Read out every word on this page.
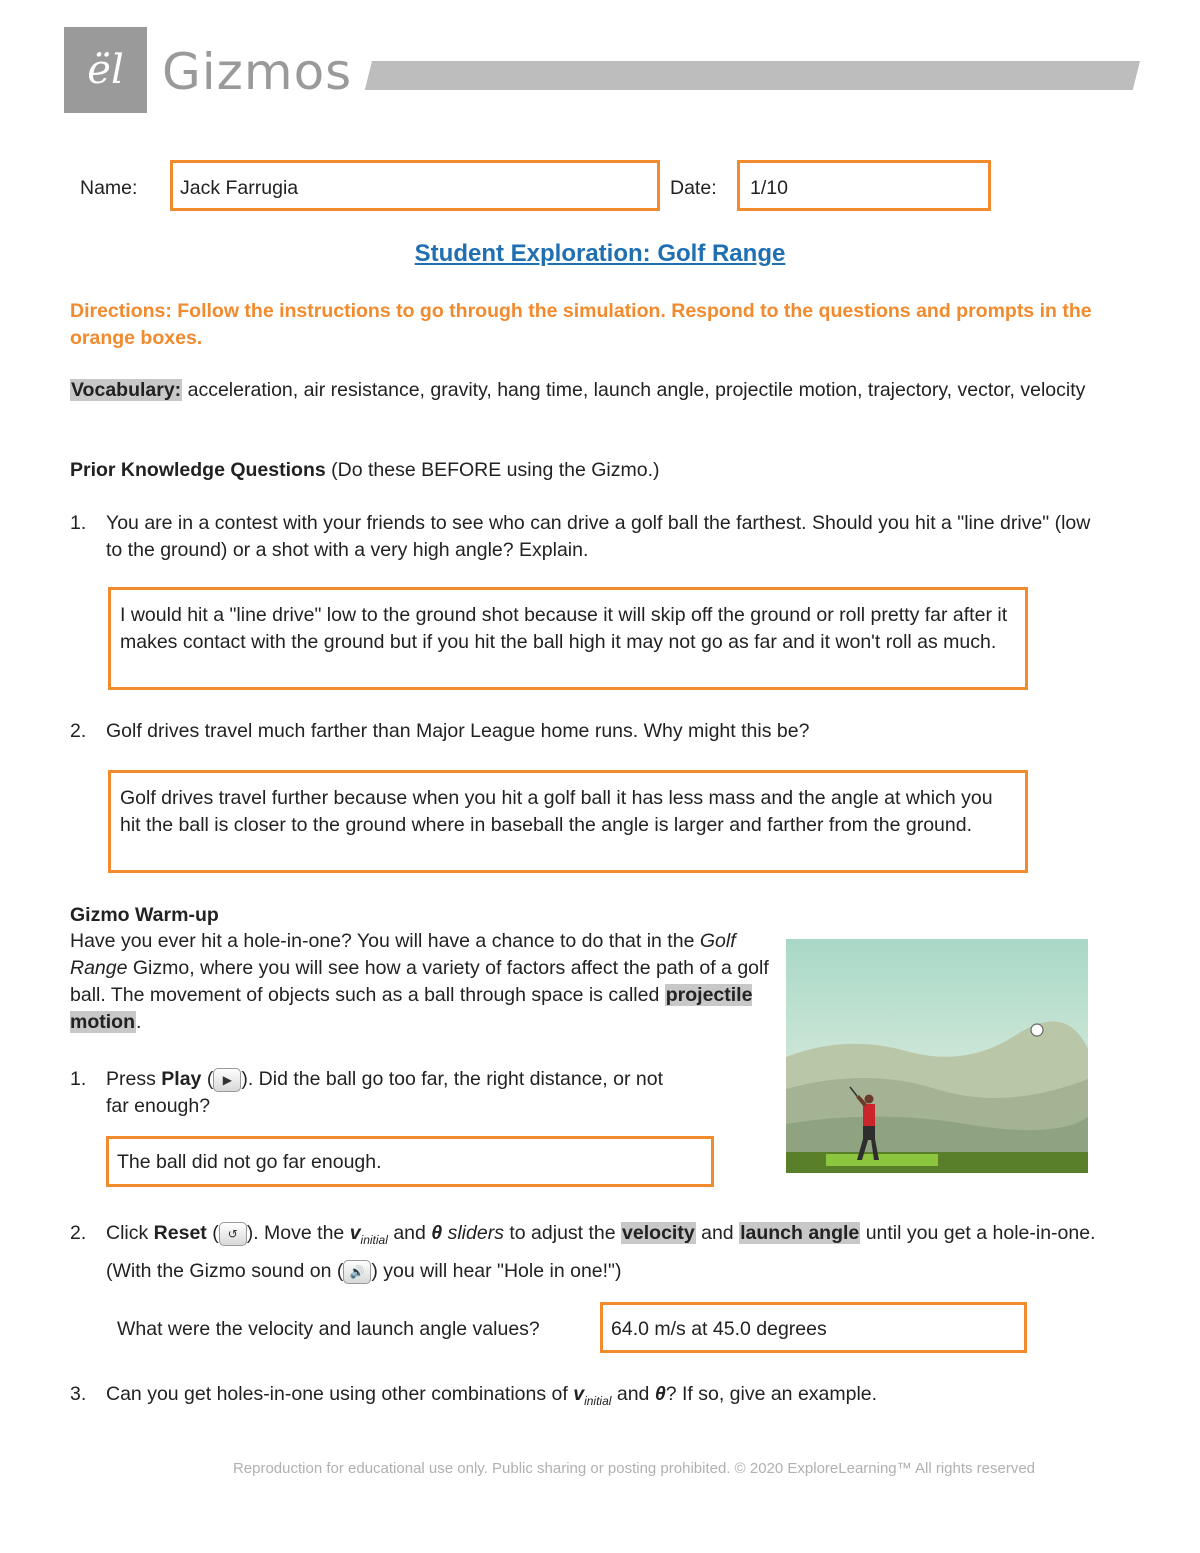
ël Gizmos
Name: Jack Farrugia	Date: 1/10
Student Exploration: Golf Range
Directions: Follow the instructions to go through the simulation. Respond to the questions and prompts in the orange boxes.
Vocabulary: acceleration, air resistance, gravity, hang time, launch angle, projectile motion, trajectory, vector, velocity
Prior Knowledge Questions (Do these BEFORE using the Gizmo.)
1.	You are in a contest with your friends to see who can drive a golf ball the farthest. Should you hit a "line drive" (low to the ground) or a shot with a very high angle? Explain.
I would hit a "line drive" low to the ground shot because it will skip off the ground or roll pretty far after it makes contact with the ground but if you hit the ball high it may not go as far and it won't roll as much.
2.	Golf drives travel much farther than Major League home runs. Why might this be?
Golf drives travel further because when you hit a golf ball it has less mass and the angle at which you hit the ball is closer to the ground where in baseball the angle is larger and farther from the ground.
Gizmo Warm-up
Have you ever hit a hole-in-one? You will have a chance to do that in the Golf Range Gizmo, where you will see how a variety of factors affect the path of a golf ball. The movement of objects such as a ball through space is called projectile motion.
1.	Press Play ( ▶ ). Did the ball go too far, the right distance, or not far enough?
The ball did not go far enough.
2.	Click Reset ( ↺ ). Move the $v_{initial}$ and θ sliders to adjust the velocity and launch angle until you get a hole-in-one. (With the Gizmo sound on ( 🔊 ) you will hear "Hole in one!")
What were the velocity and launch angle values?	64.0 m/s at 45.0 degrees
3.	Can you get holes-in-one using other combinations of $v_{initial}$ and θ? If so, give an example.
Reproduction for educational use only. Public sharing or posting prohibited. © 2020 ExploreLearning™ All rights reserved
